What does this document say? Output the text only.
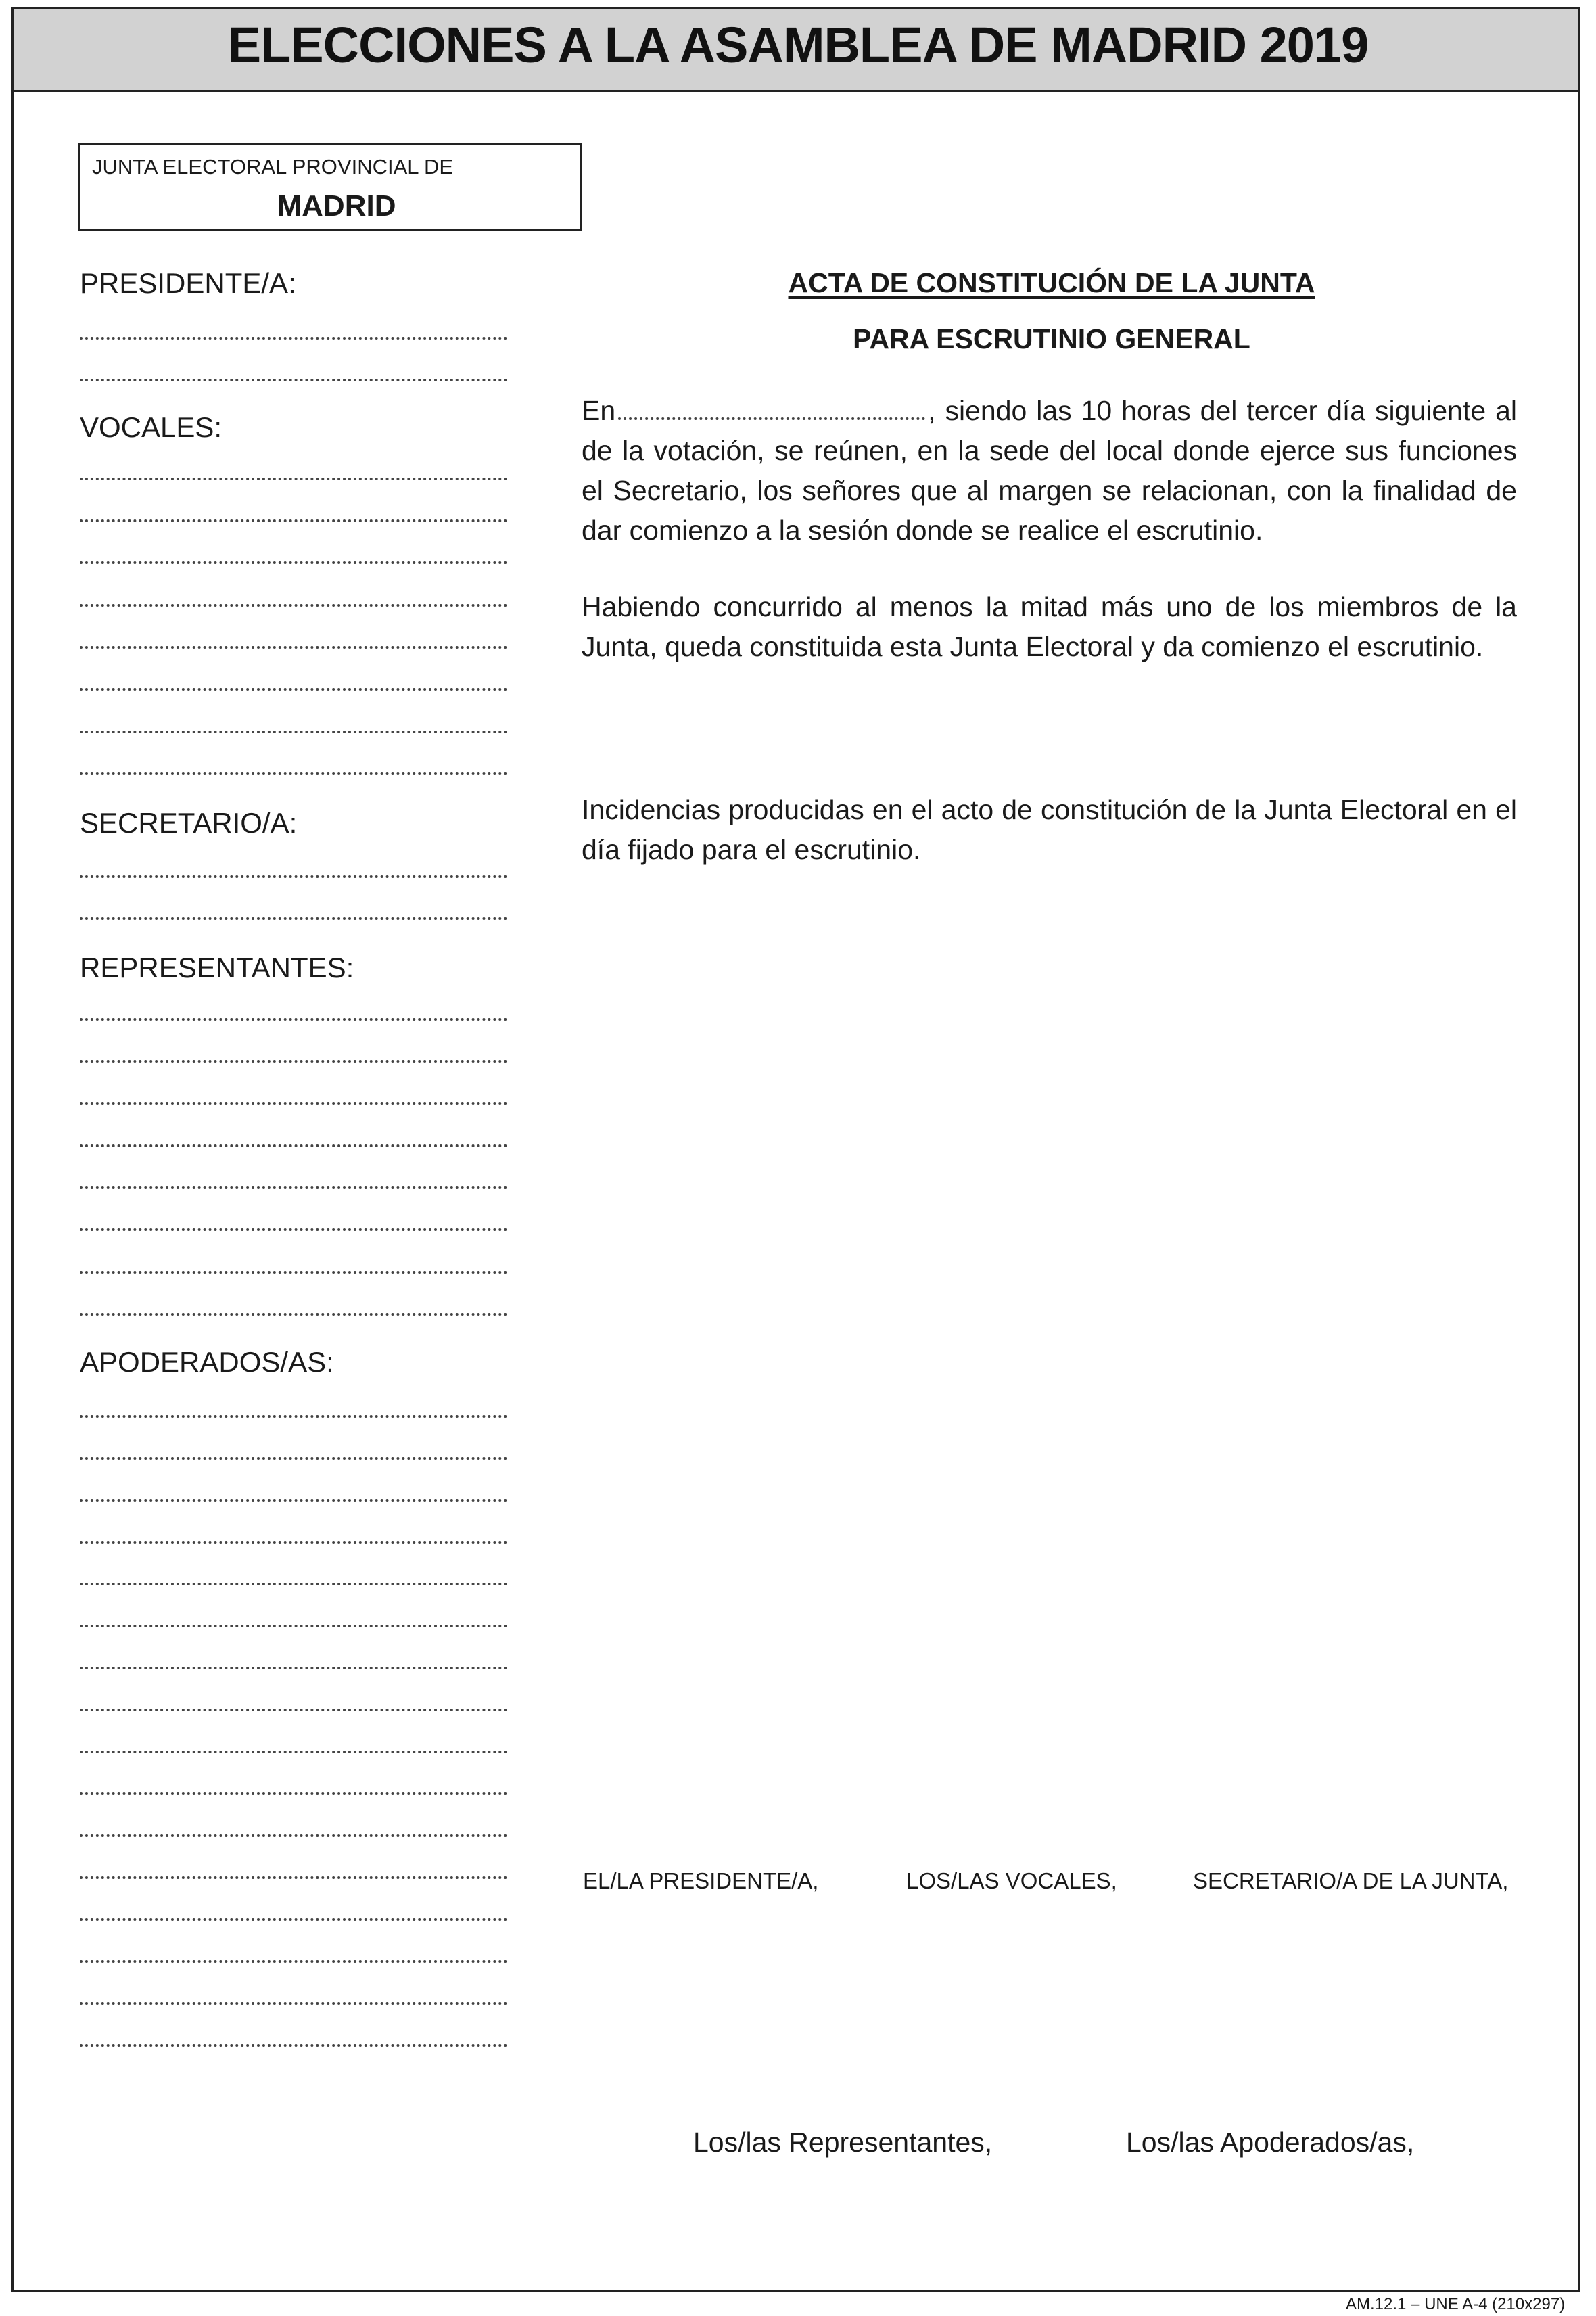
ELECCIONES A LA ASAMBLEA DE MADRID 2019
JUNTA ELECTORAL PROVINCIAL DE
MADRID
PRESIDENTE/A:
VOCALES:
SECRETARIO/A:
REPRESENTANTES:
APODERADOS/AS:
ACTA DE CONSTITUCIÓN DE LA JUNTA
PARA ESCRUTINIO GENERAL
En	, siendo las 10 horas del tercer día siguiente al de la votación, se reúnen, en la sede del local donde ejerce sus funciones el Secretario, los señores que al margen se relacionan, con la finalidad de dar comienzo a la sesión donde se realice el escrutinio.
Habiendo concurrido al menos la mitad más uno de los miembros de la Junta, queda constituida esta Junta Electoral y da comienzo el escrutinio.
Incidencias producidas en el acto de constitución de la Junta Electoral en el día fijado para el escrutinio.
EL/LA PRESIDENTE/A,	LOS/LAS VOCALES,	SECRETARIO/A DE LA JUNTA,
Los/las Representantes,	Los/las Apoderados/as,
AM.12.1 – UNE A-4 (210x297)
